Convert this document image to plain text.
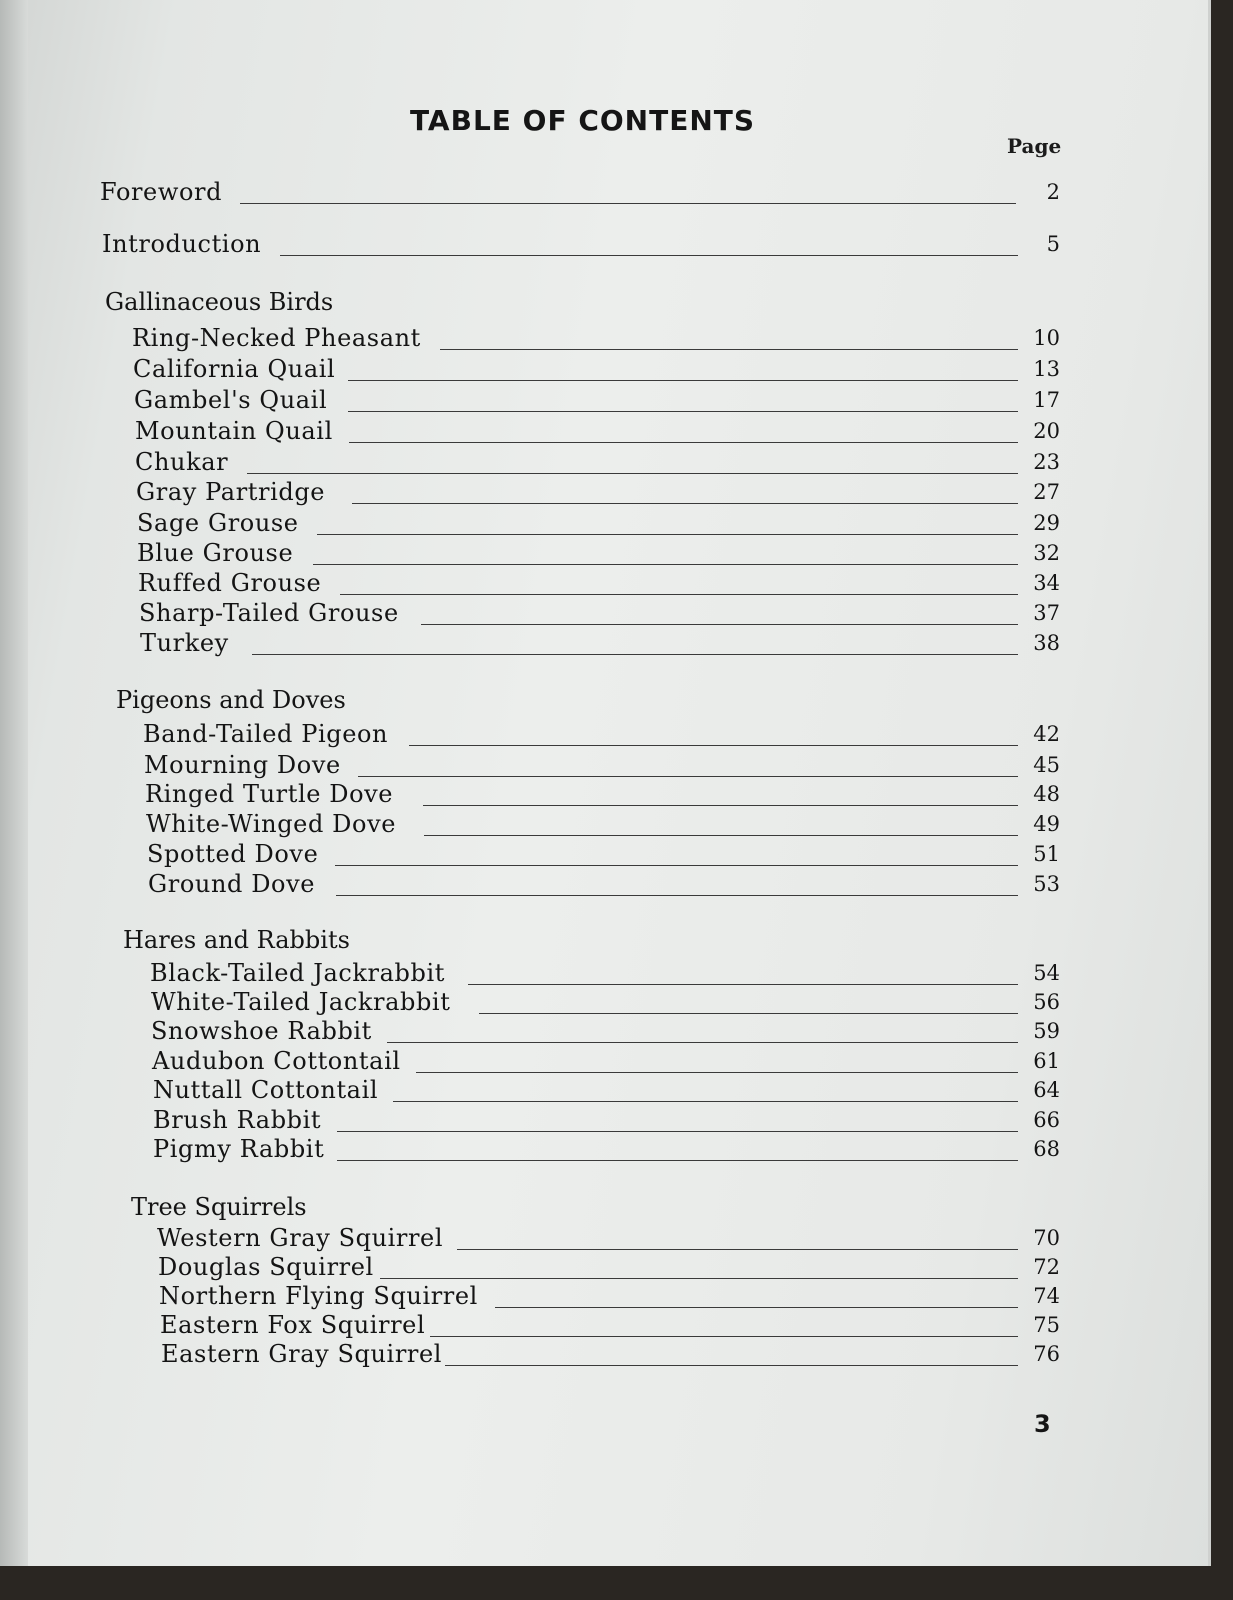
TABLE OF CONTENTS
Page
Foreword	2
Introduction	5
Gallinaceous Birds
Ring-Necked Pheasant	10
California Quail	13
Gambel's Quail	17
Mountain Quail	20
Chukar	23
Gray Partridge	27
Sage Grouse	29
Blue Grouse	32
Ruffed Grouse	34
Sharp-Tailed Grouse	37
Turkey	38
Pigeons and Doves
Band-Tailed Pigeon	42
Mourning Dove	45
Ringed Turtle Dove	48
White-Winged Dove	49
Spotted Dove	51
Ground Dove	53
Hares and Rabbits
Black-Tailed Jackrabbit	54
White-Tailed Jackrabbit	56
Snowshoe Rabbit	59
Audubon Cottontail	61
Nuttall Cottontail	64
Brush Rabbit	66
Pigmy Rabbit	68
Tree Squirrels
Western Gray Squirrel	70
Douglas Squirrel	72
Northern Flying Squirrel	74
Eastern Fox Squirrel	75
Eastern Gray Squirrel	76
3
